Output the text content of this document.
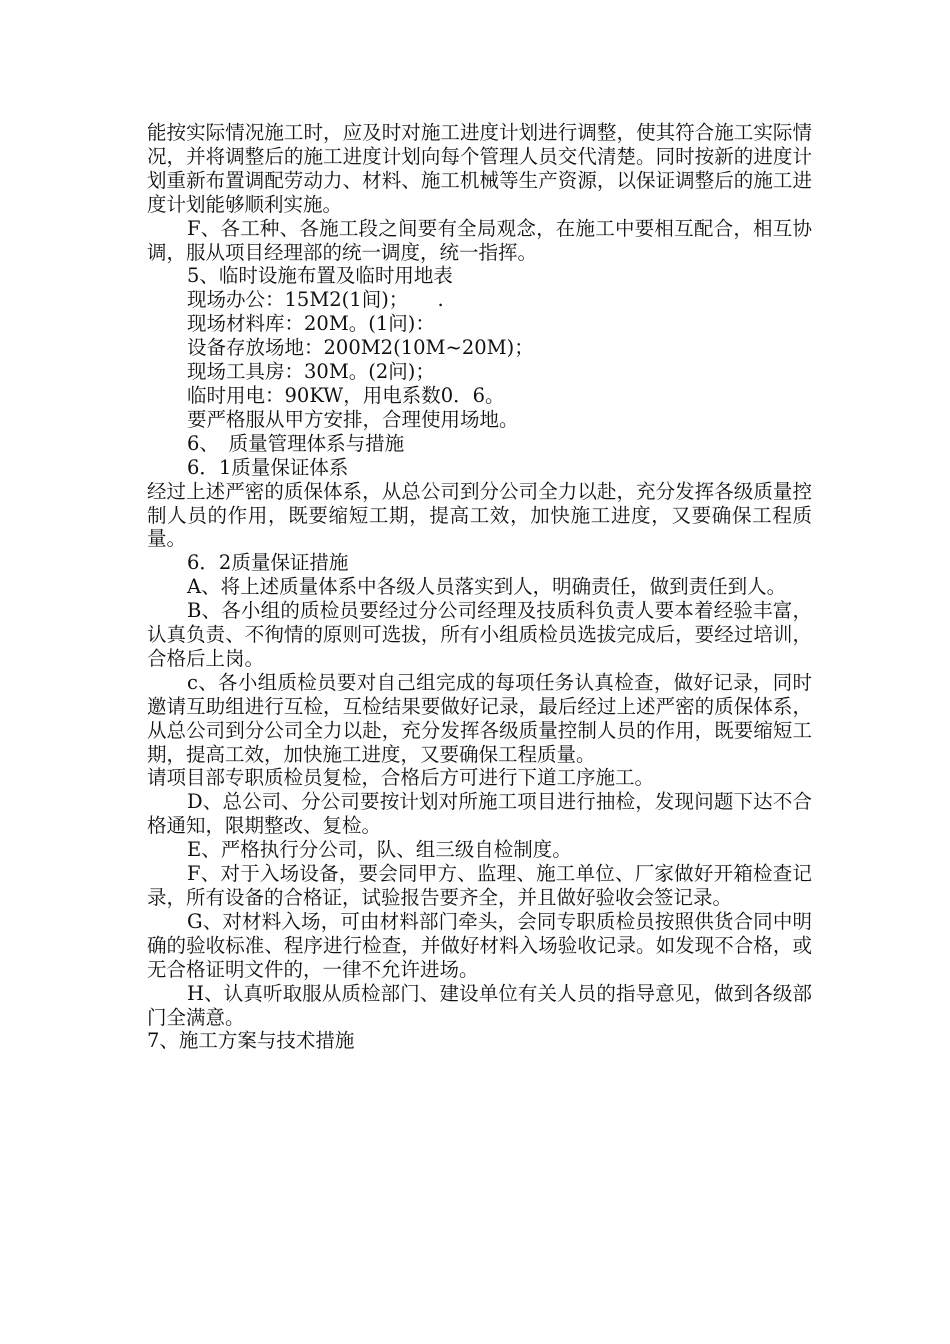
能按实际情况施工时，应及时对施工进度计划进行调整，使其符合施工实际情况，并将调整后的施工进度计划向每个管理人员交代清楚。同时按新的进度计划重新布置调配劳动力、材料、施工机械等生产资源，以保证调整后的施工进度计划能够顺利实施。

F、各工种、各施工段之间要有全局观念，在施工中要相互配合，相互协调，服从项目经理部的统一调度，统一指挥。

5、临时设施布置及临时用地表

现场办公：15M2(1间)；　　.

现场材料库：20M。(1问)：

设备存放场地：200M2(10M~20M)；

现场工具房：30M。(2问)；

临时用电：90KW，用电系数0．6。

要严格服从甲方安排，合理使用场地。

6、　质量管理体系与措施

6．1质量保证体系

经过上述严密的质保体系，从总公司到分公司全力以赴，充分发挥各级质量控制人员的作用，既要缩短工期，提高工效，加快施工进度，又要确保工程质量。

6．2质量保证措施

A、将上述质量体系中各级人员落实到人，明确责任，做到责任到人。

B、各小组的质检员要经过分公司经理及技质科负责人要本着经验丰富，认真负责、不徇情的原则可选拔，所有小组质检员选拔完成后，要经过培训，合格后上岗。

c、各小组质检员要对自己组完成的每项任务认真检查，做好记录，同时邀请互助组进行互检，互检结果要做好记录，最后经过上述严密的质保体系，从总公司到分公司全力以赴，充分发挥各级质量控制人员的作用，既要缩短工期，提高工效，加快施工进度，又要确保工程质量。

请项目部专职质检员复检，合格后方可进行下道工序施工。

D、总公司、分公司要按计划对所施工项目进行抽检，发现问题下达不合格通知，限期整改、复检。

E、严格执行分公司，队、组三级自检制度。

F、对于入场设备，要会同甲方、监理、施工单位、厂家做好开箱检查记录，所有设备的合格证，试验报告要齐全，并且做好验收会签记录。

G、对材料入场，可由材料部门牵头，会同专职质检员按照供货合同中明确的验收标准、程序进行检查，并做好材料入场验收记录。如发现不合格，或无合格证明文件的，一律不允许进场。

H、认真听取服从质检部门、建设单位有关人员的指导意见，做到各级部门全满意。

7、施工方案与技术措施
